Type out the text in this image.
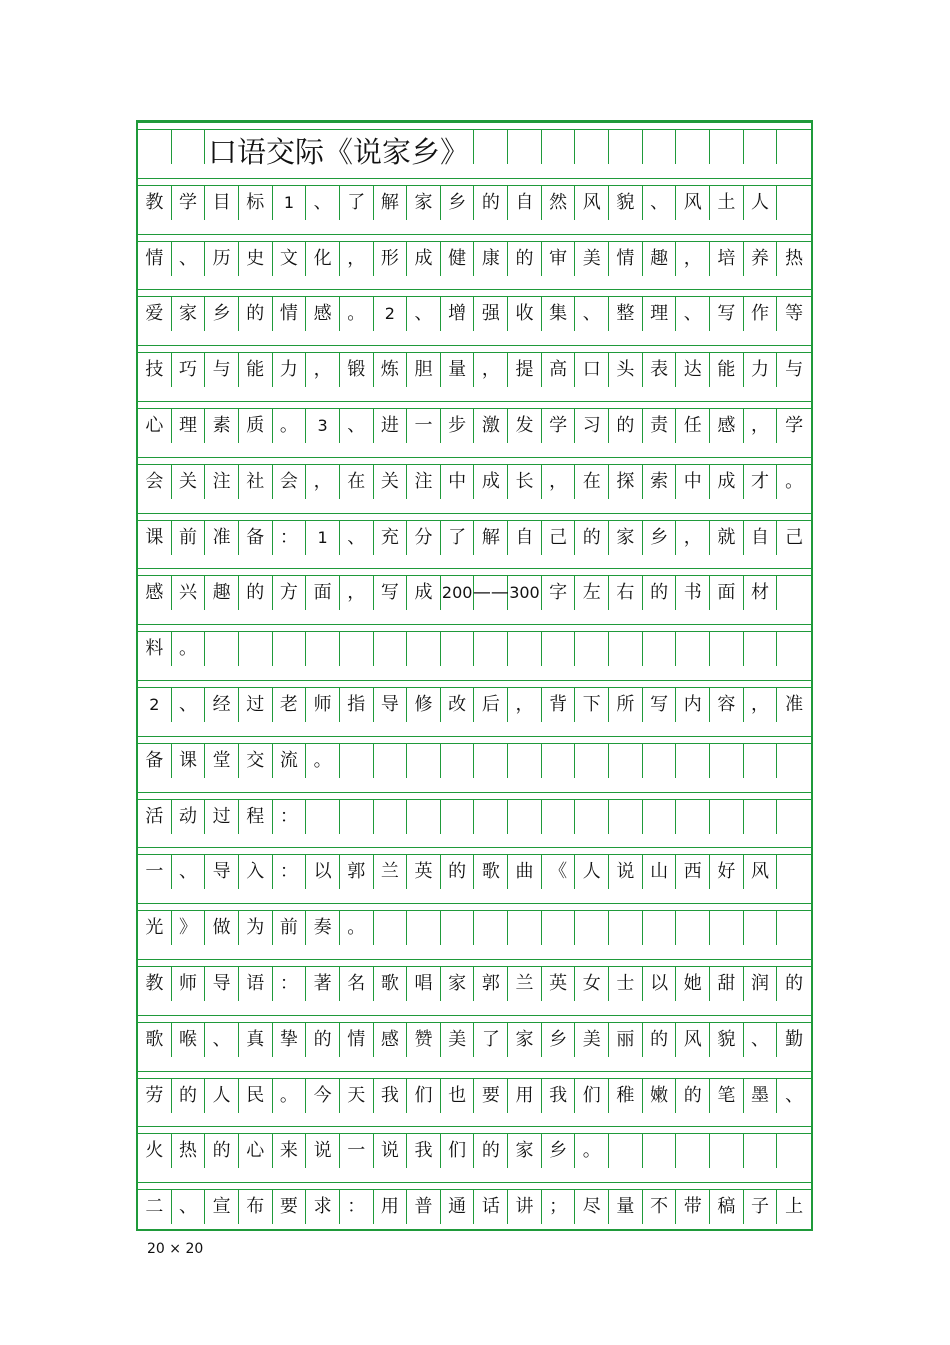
教 学 目 标	1	、 了 解 家 乡 的 自 然 风 貌 、 风 土 人
情 、 历 史 文 化 ， 形 成 健 康 的 审 美 情 趣 ， 培 养 热
爱 家 乡 的 情 感 。	2	、 增 强 收 集 、 整 理 、 写 作 等
技 巧 与 能 力 ， 锻 炼 胆 量 ， 提 高 口 头 表 达 能 力 与
心 理 素 质 。	3	、 进 一 步 激 发 学 习 的 责 任 感 ， 学
会 关 注 社 会 ， 在 关 注 中 成 长 ， 在 探 索 中 成 才 。
课 前 准 备 ：	1	、 充 分 了 解 自 己 的 家 乡 ， 就 自 己
感 兴 趣 的 方 面 ， 写 成 200 —— 300 字 左 右 的 书 面 材
料 。
2	、 经 过 老 师 指 导 修 改 后 ， 背 下 所 写 内 容 ， 准
备 课 堂 交 流 。
活 动 过 程 ：
一 、 导 入 ： 以 郭 兰 英 的 歌 曲 《 人 说 山 西 好 风
光 》 做 为 前 奏 。
教 师 导 语 ： 著 名 歌 唱 家 郭 兰 英 女 士 以 她 甜 润 的
歌 喉 、 真 挚 的 情 感 赞 美 了 家 乡 美 丽 的 风 貌 、 勤
劳 的 人 民 。 今 天 我 们 也 要 用 我 们 稚 嫩 的 笔 墨 、
火 热 的 心 来 说 一 说 我 们 的 家 乡 。
二 、 宣 布 要 求 ： 用 普 通 话 讲 ； 尽 量 不 带 稿 子 上
口语交际《说家乡》
20 × 20
